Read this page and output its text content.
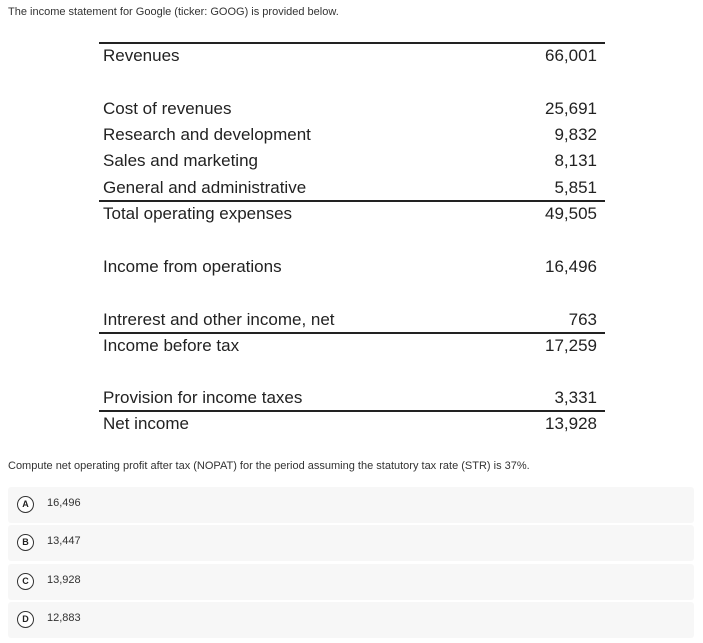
The income statement for Google (ticker: GOOG) is provided below.
Revenues	66,001
Cost of revenues	25,691
Research and development	9,832
Sales and marketing	8,131
General and administrative	5,851
Total operating expenses	49,505
Income from operations	16,496
Intrerest and other income, net	763
Income before tax	17,259
Provision for income taxes	3,331
Net income	13,928
Compute net operating profit after tax (NOPAT) for the period assuming the statutory tax rate (STR) is 37%.
A	16,496
B	13,447
C	13,928
D	12,883
